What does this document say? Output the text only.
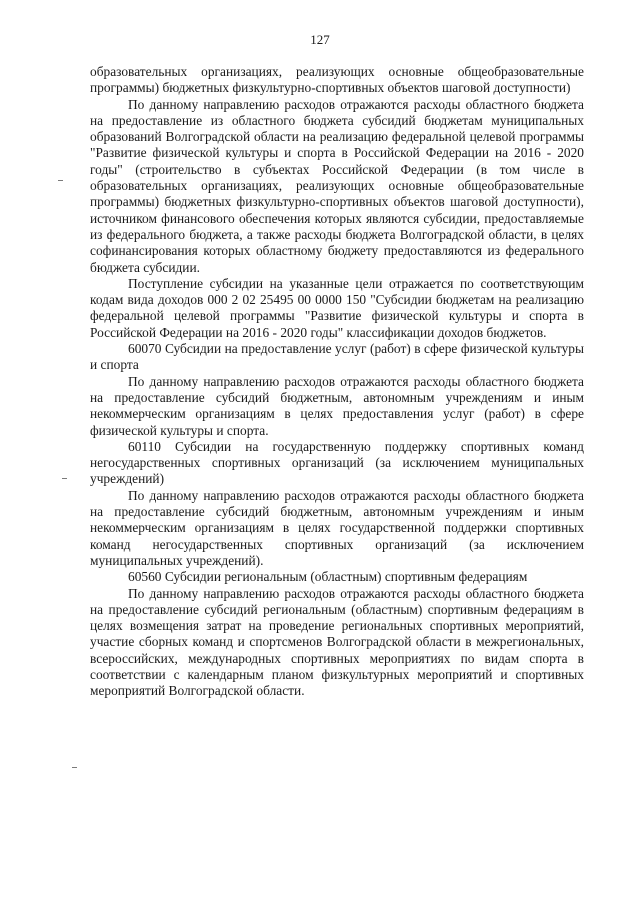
127

образовательных организациях, реализующих основные общеобразовательные программы) бюджетных физкультурно-спортивных объектов шаговой доступности)

По данному направлению расходов отражаются расходы областного бюджета на предоставление из областного бюджета субсидий бюджетам муниципальных образований Волгоградской области на реализацию федеральной целевой программы "Развитие физической культуры и спорта в Российской Федерации на 2016 - 2020 годы" (строительство в субъектах Российской Федерации (в том числе в образовательных организациях, реализующих основные общеобразовательные программы) бюджетных физкультурно-спортивных объектов шаговой доступности), источником финансового обеспечения которых являются субсидии, предоставляемые из федерального бюджета, а также расходы бюджета Волгоградской области, в целях софинансирования которых областному бюджету предоставляются из федерального бюджета субсидии.

Поступление субсидии на указанные цели отражается по соответствующим кодам вида доходов 000 2 02 25495 00 0000 150 "Субсидии бюджетам на реализацию федеральной целевой программы "Развитие физической культуры и спорта в Российской Федерации на 2016 - 2020 годы" классификации доходов бюджетов.

60070 Субсидии на предоставление услуг (работ) в сфере физической культуры и спорта

По данному направлению расходов отражаются расходы областного бюджета на предоставление субсидий бюджетным, автономным учреждениям и иным некоммерческим организациям в целях предоставления услуг (работ) в сфере физической культуры и спорта.

60110 Субсидии на государственную поддержку спортивных команд негосударственных спортивных организаций (за исключением муниципальных учреждений)

По данному направлению расходов отражаются расходы областного бюджета на предоставление субсидий бюджетным, автономным учреждениям и иным некоммерческим организациям в целях государственной поддержки спортивных команд негосударственных спортивных организаций (за исключением муниципальных учреждений).

60560 Субсидии региональным (областным) спортивным федерациям

По данному направлению расходов отражаются расходы областного бюджета на предоставление субсидий региональным (областным) спортивным федерациям в целях возмещения затрат на проведение региональных спортивных мероприятий, участие сборных команд и спортсменов Волгоградской области в межрегиональных, всероссийских, международных спортивных мероприятиях по видам спорта в соответствии с календарным планом физкультурных мероприятий и спортивных мероприятий Волгоградской области.
